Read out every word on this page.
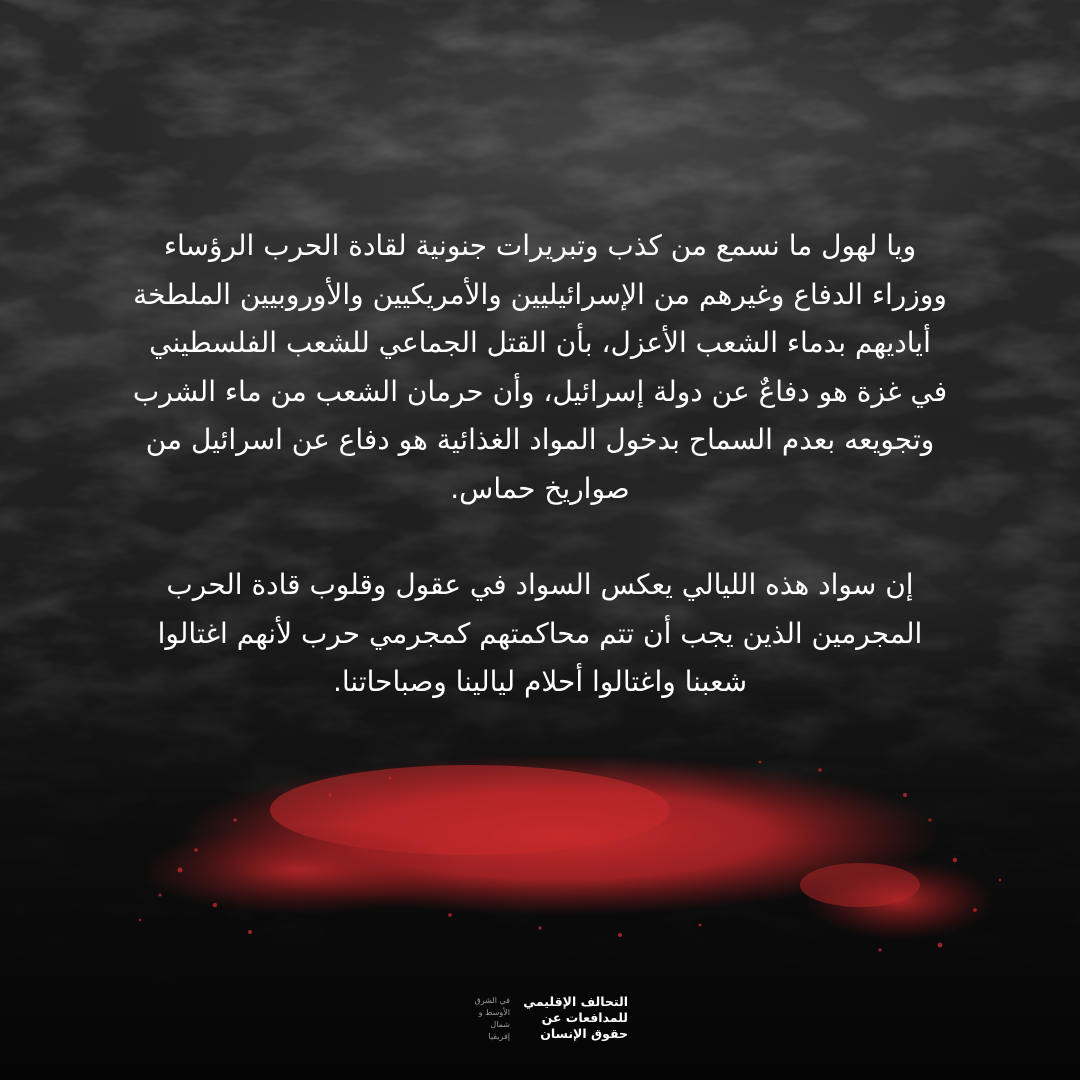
ويا لهول ما نسمع من كذب وتبريرات جنونية لقادة الحرب الرؤساء
ووزراء الدفاع وغيرهم من الإسرائيليين والأمريكيين والأوروبيين الملطخة
أياديهم بدماء الشعب الأعزل، بأن القتل الجماعي للشعب الفلسطيني
في غزة هو دفاعٌ عن دولة إسرائيل، وأن حرمان الشعب من ماء الشرب
وتجويعه بعدم السماح بدخول المواد الغذائية هو دفاع عن اسرائيل من
صواريخ حماس.

إن سواد هذه الليالي يعكس السواد في عقول وقلوب قادة الحرب
المجرمين الذين يجب أن تتم محاكمتهم كمجرمي حرب لأنهم اغتالوا
شعبنا واغتالوا أحلام ليالينا وصباحاتنا.

التحالف الإقليمي
للمدافعات عن
حقوق الإنسان
في الشرق
الأوسط و
شمال
إفريقيا
